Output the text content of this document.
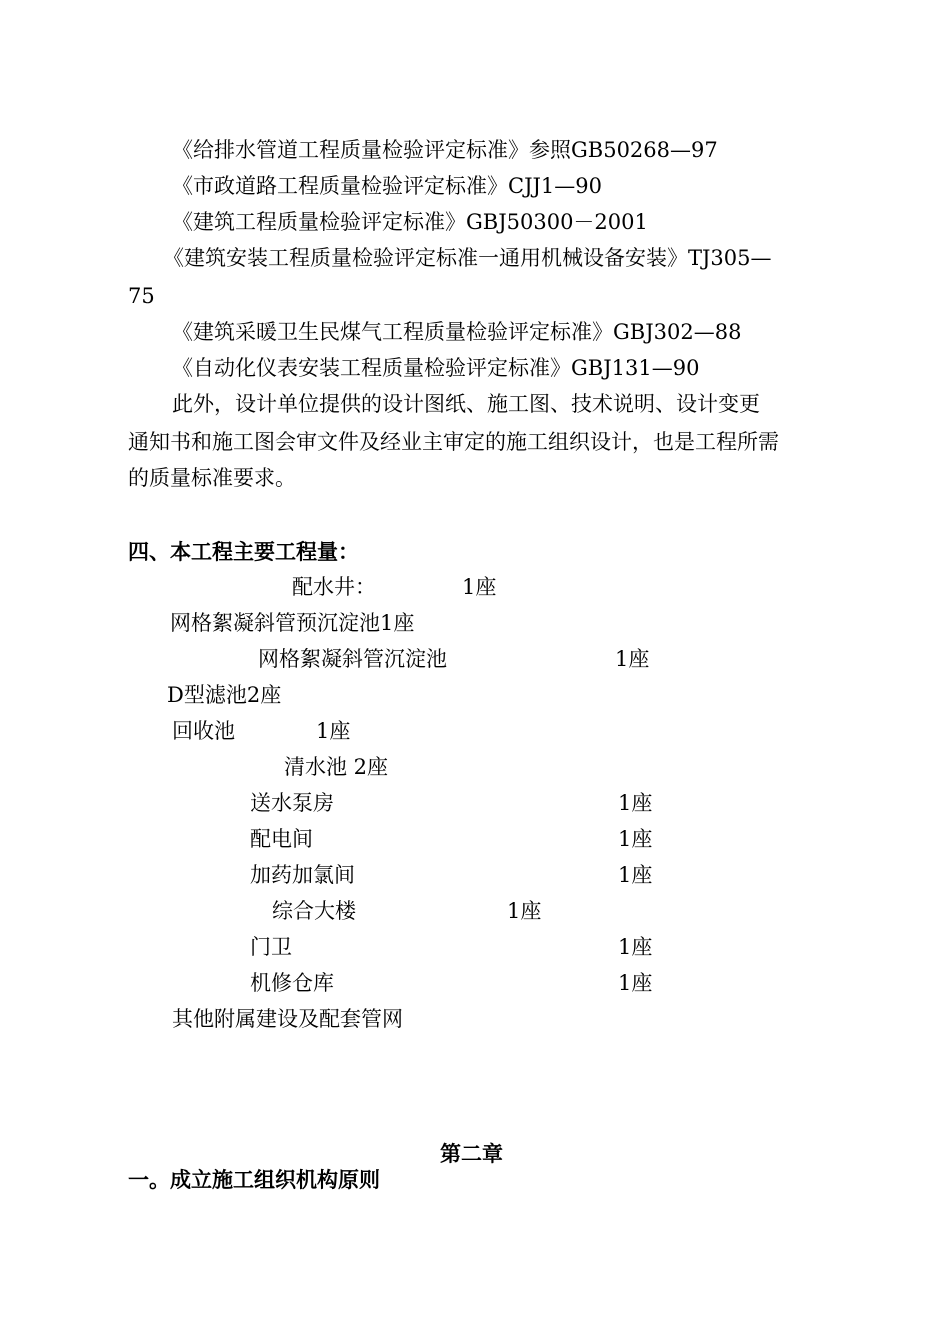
《给排水管道工程质量检验评定标准》参照GB50268—97

《市政道路工程质量检验评定标准》CJJ1—90

《建筑工程质量检验评定标准》GBJ50300－2001

《建筑安装工程质量检验评定标准一通用机械设备安装》TJ305—

75

《建筑采暖卫生民煤气工程质量检验评定标准》GBJ302—88

《自动化仪表安装工程质量检验评定标准》GBJ131—90

此外，设计单位提供的设计图纸、施工图、技术说明、设计变更

通知书和施工图会审文件及经业主审定的施工组织设计，也是工程所需

的质量标准要求。

四、本工程主要工程量：

配水井：	1座

网格絮凝斜管预沉淀池1座

网格絮凝斜管沉淀池	1座

D型滤池2座

回收池	1座

清水池 2座

送水泵房	1座

配电间	1座

加药加氯间	1座

综合大楼	1座

门卫	1座

机修仓库	1座

其他附属建设及配套管网

第二章

一。成立施工组织机构原则
